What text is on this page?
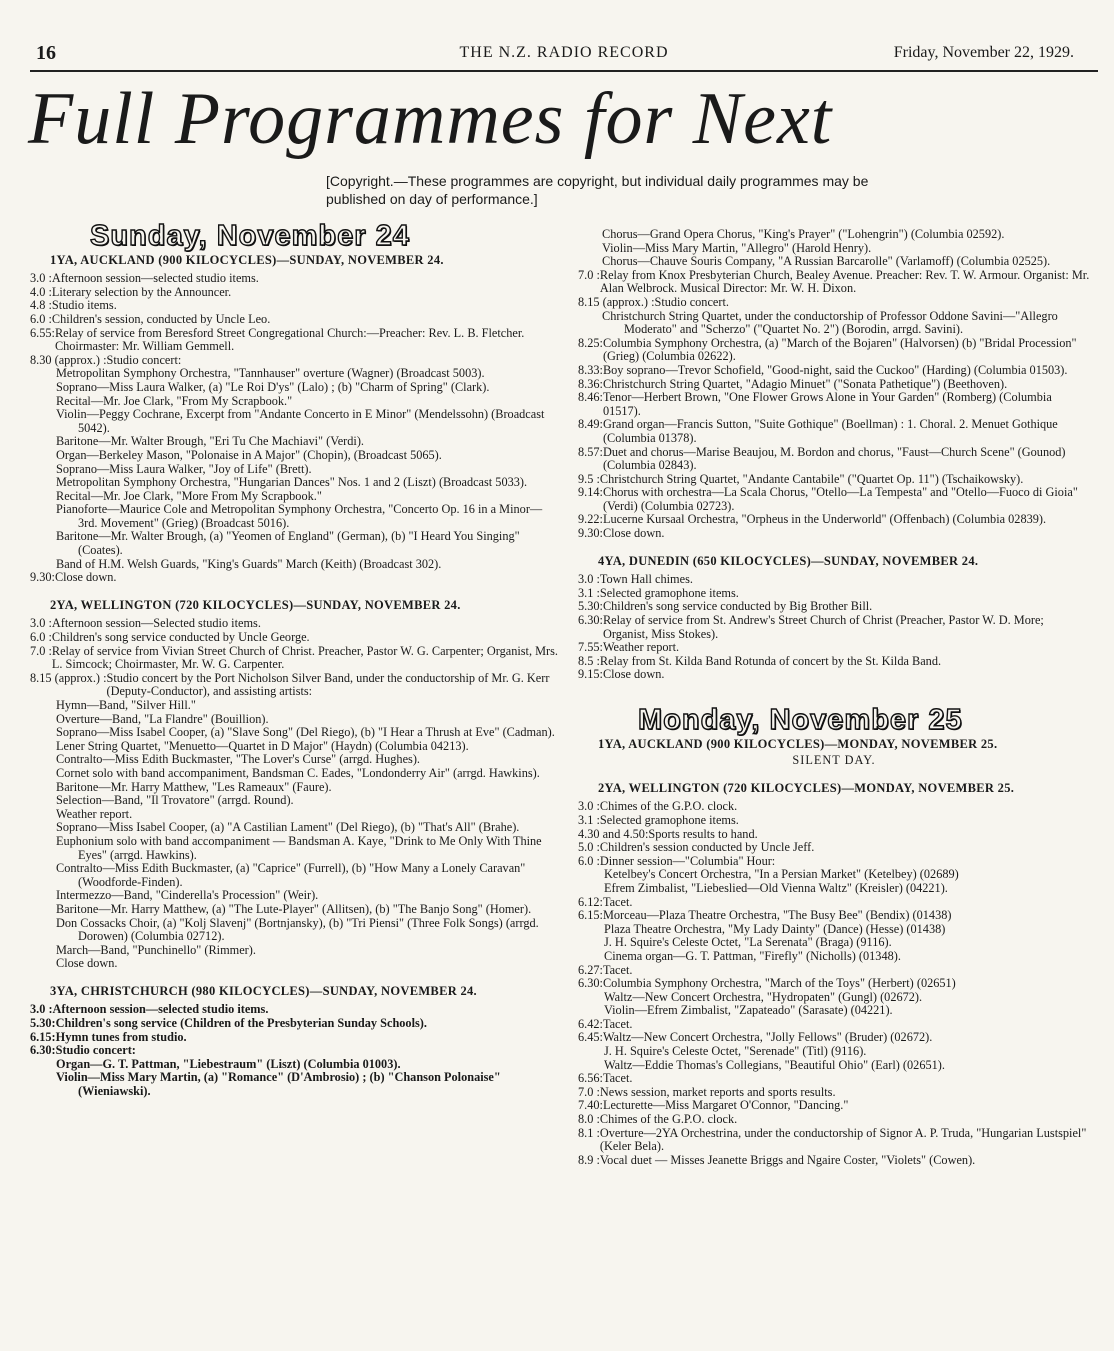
16	THE N.Z. RADIO RECORD	Friday, November 22, 1929.
Full Programmes for Next
[Copyright.—These programmes are copyright, but individual daily programmes may be published on day of performance.]
Sunday, November 24
1YA, AUCKLAND (900 KILOCYCLES)—SUNDAY, NOVEMBER 24.
3.0 : Afternoon session—selected studio items.
4.0 : Literary selection by the Announcer.
4.8 : Studio items.
6.0 : Children's session, conducted by Uncle Leo.
6.55: Relay of service from Beresford Street Congregational Church:—Preacher: Rev. L. B. Fletcher. Choirmaster: Mr. William Gemmell.
8.30 (approx.) : Studio concert:
Metropolitan Symphony Orchestra, "Tannhauser" overture (Wagner) (Broadcast 5003).
Soprano—Miss Laura Walker, (a) "Le Roi D'ys" (Lalo) ; (b) "Charm of Spring" (Clark).
Recital—Mr. Joe Clark, "From My Scrapbook."
Violin—Peggy Cochrane, Excerpt from "Andante Concerto in E Minor" (Mendelssohn) (Broadcast 5042).
Baritone—Mr. Walter Brough, "Eri Tu Che Machiavi" (Verdi).
Organ—Berkeley Mason, "Polonaise in A Major" (Chopin), (Broadcast 5065).
Soprano—Miss Laura Walker, "Joy of Life" (Brett).
Metropolitan Symphony Orchestra, "Hungarian Dances" Nos. 1 and 2 (Liszt) (Broadcast 5033).
Recital—Mr. Joe Clark, "More From My Scrapbook."
Pianoforte—Maurice Cole and Metropolitan Symphony Orchestra, "Concerto Op. 16 in a Minor—3rd. Movement" (Grieg) (Broadcast 5016).
Baritone—Mr. Walter Brough, (a) "Yeomen of England" (German), (b) "I Heard You Singing" (Coates).
Band of H.M. Welsh Guards, "King's Guards" March (Keith) (Broadcast 302).
9.30: Close down.
2YA, WELLINGTON (720 KILOCYCLES)—SUNDAY, NOVEMBER 24.
3.0 : Afternoon session—Selected studio items.
6.0 : Children's song service conducted by Uncle George.
7.0 : Relay of service from Vivian Street Church of Christ. Preacher, Pastor W. G. Carpenter; Organist, Mrs. L. Simcock; Choirmaster, Mr. W. G. Carpenter.
8.15 (approx.) : Studio concert by the Port Nicholson Silver Band, under the conductorship of Mr. G. Kerr (Deputy-Conductor), and assisting artists:
Hymn—Band, "Silver Hill."
Overture—Band, "La Flandre" (Bouillion).
Soprano—Miss Isabel Cooper, (a) "Slave Song" (Del Riego), (b) "I Hear a Thrush at Eve" (Cadman).
Lener String Quartet, "Menuetto—Quartet in D Major" (Haydn) (Columbia 04213).
Contralto—Miss Edith Buckmaster, "The Lover's Curse" (arrgd. Hughes).
Cornet solo with band accompaniment, Bandsman C. Eades, "Londonderry Air" (arrgd. Hawkins).
Baritone—Mr. Harry Matthew, "Les Rameaux" (Faure).
Selection—Band, "Il Trovatore" (arrgd. Round).
Weather report.
Soprano—Miss Isabel Cooper, (a) "A Castilian Lament" (Del Riego), (b) "That's All" (Brahe).
Euphonium solo with band accompaniment — Bandsman A. Kaye, "Drink to Me Only With Thine Eyes" (arrgd. Hawkins).
Contralto—Miss Edith Buckmaster, (a) "Caprice" (Furrell), (b) "How Many a Lonely Caravan" (Woodforde-Finden).
Intermezzo—Band, "Cinderella's Procession" (Weir).
Baritone—Mr. Harry Matthew, (a) "The Lute-Player" (Allitsen), (b) "The Banjo Song" (Homer).
Don Cossacks Choir, (a) "Kolj Slavenj" (Bortnjansky), (b) "Tri Piensi" (Three Folk Songs) (arrgd. Dorowen) (Columbia 02712).
March—Band, "Punchinello" (Rimmer).
Close down.
3YA, CHRISTCHURCH (980 KILOCYCLES)—SUNDAY, NOVEMBER 24.
3.0 : Afternoon session—selected studio items.
5.30: Children's song service (Children of the Presbyterian Sunday Schools).
6.15: Hymn tunes from studio.
6.30: Studio concert:
Organ—G. T. Pattman, "Liebestraum" (Liszt) (Columbia 01003).
Violin—Miss Mary Martin, (a) "Romance" (D'Ambrosio) ; (b) "Chanson Polonaise" (Wieniawski).
Chorus—Grand Opera Chorus, "King's Prayer" ("Lohengrin") (Columbia 02592).
Violin—Miss Mary Martin, "Allegro" (Harold Henry).
Chorus—Chauve Souris Company, "A Russian Barcarolle" (Varlamoff) (Columbia 02525).
7.0 : Relay from Knox Presbyterian Church, Bealey Avenue. Preacher: Rev. T. W. Armour. Organist: Mr. Alan Welbrock. Musical Director: Mr. W. H. Dixon.
8.15 (approx.) : Studio concert.
Christchurch String Quartet, under the conductorship of Professor Oddone Savini—"Allegro Moderato" and "Scherzo" ("Quartet No. 2") (Borodin, arrgd. Savini).
8.25: Columbia Symphony Orchestra, (a) "March of the Bojaren" (Halvorsen) (b) "Bridal Procession" (Grieg) (Columbia 02622).
8.33: Boy soprano—Trevor Schofield, "Good-night, said the Cuckoo" (Harding) (Columbia 01503).
8.36: Christchurch String Quartet, "Adagio Minuet" ("Sonata Pathetique") (Beethoven).
8.46: Tenor—Herbert Brown, "One Flower Grows Alone in Your Garden" (Romberg) (Columbia 01517).
8.49: Grand organ—Francis Sutton, "Suite Gothique" (Boellman) : 1. Choral. 2. Menuet Gothique (Columbia 01378).
8.57: Duet and chorus—Marise Beaujou, M. Bordon and chorus, "Faust—Church Scene" (Gounod) (Columbia 02843).
9.5 : Christchurch String Quartet, "Andante Cantabile" ("Quartet Op. 11") (Tschaikowsky).
9.14: Chorus with orchestra—La Scala Chorus, "Otello—La Tempesta" and "Otello—Fuoco di Gioia" (Verdi) (Columbia 02723).
9.22: Lucerne Kursaal Orchestra, "Orpheus in the Underworld" (Offenbach) (Columbia 02839).
9.30: Close down.
4YA, DUNEDIN (650 KILOCYCLES)—SUNDAY, NOVEMBER 24.
3.0 : Town Hall chimes.
3.1 : Selected gramophone items.
5.30: Children's song service conducted by Big Brother Bill.
6.30: Relay of service from St. Andrew's Street Church of Christ (Preacher, Pastor W. D. More; Organist, Miss Stokes).
7.55: Weather report.
8.5 : Relay from St. Kilda Band Rotunda of concert by the St. Kilda Band.
9.15: Close down.
Monday, November 25
1YA, AUCKLAND (900 KILOCYCLES)—MONDAY, NOVEMBER 25.
SILENT DAY.
2YA, WELLINGTON (720 KILOCYCLES)—MONDAY, NOVEMBER 25.
3.0 : Chimes of the G.P.O. clock.
3.1 : Selected gramophone items.
4.30 and 4.50: Sports results to hand.
5.0 : Children's session conducted by Uncle Jeff.
6.0 : Dinner session—"Columbia" Hour:
Ketelbey's Concert Orchestra, "In a Persian Market" (Ketelbey) (02689)
Efrem Zimbalist, "Liebeslied—Old Vienna Waltz" (Kreisler) (04221).
6.12: Tacet.
6.15: Morceau—Plaza Theatre Orchestra, "The Busy Bee" (Bendix) (01438)
Plaza Theatre Orchestra, "My Lady Dainty" (Dance) (Hesse) (01438)
J. H. Squire's Celeste Octet, "La Serenata" (Braga) (9116).
Cinema organ—G. T. Pattman, "Firefly" (Nicholls) (01348).
6.27: Tacet.
6.30: Columbia Symphony Orchestra, "March of the Toys" (Herbert) (02651)
Waltz—New Concert Orchestra, "Hydropaten" (Gungl) (02672).
Violin—Efrem Zimbalist, "Zapateado" (Sarasate) (04221).
6.42: Tacet.
6.45: Waltz—New Concert Orchestra, "Jolly Fellows" (Bruder) (02672).
J. H. Squire's Celeste Octet, "Serenade" (Titl) (9116).
Waltz—Eddie Thomas's Collegians, "Beautiful Ohio" (Earl) (02651).
6.56: Tacet.
7.0 : News session, market reports and sports results.
7.40: Lecturette—Miss Margaret O'Connor, "Dancing."
8.0 : Chimes of the G.P.O. clock.
8.1 : Overture—2YA Orchestrina, under the conductorship of Signor A. P. Truda, "Hungarian Lustspiel" (Keler Bela).
8.9 : Vocal duet — Misses Jeanette Briggs and Ngaire Coster, "Violets" (Cowen).
